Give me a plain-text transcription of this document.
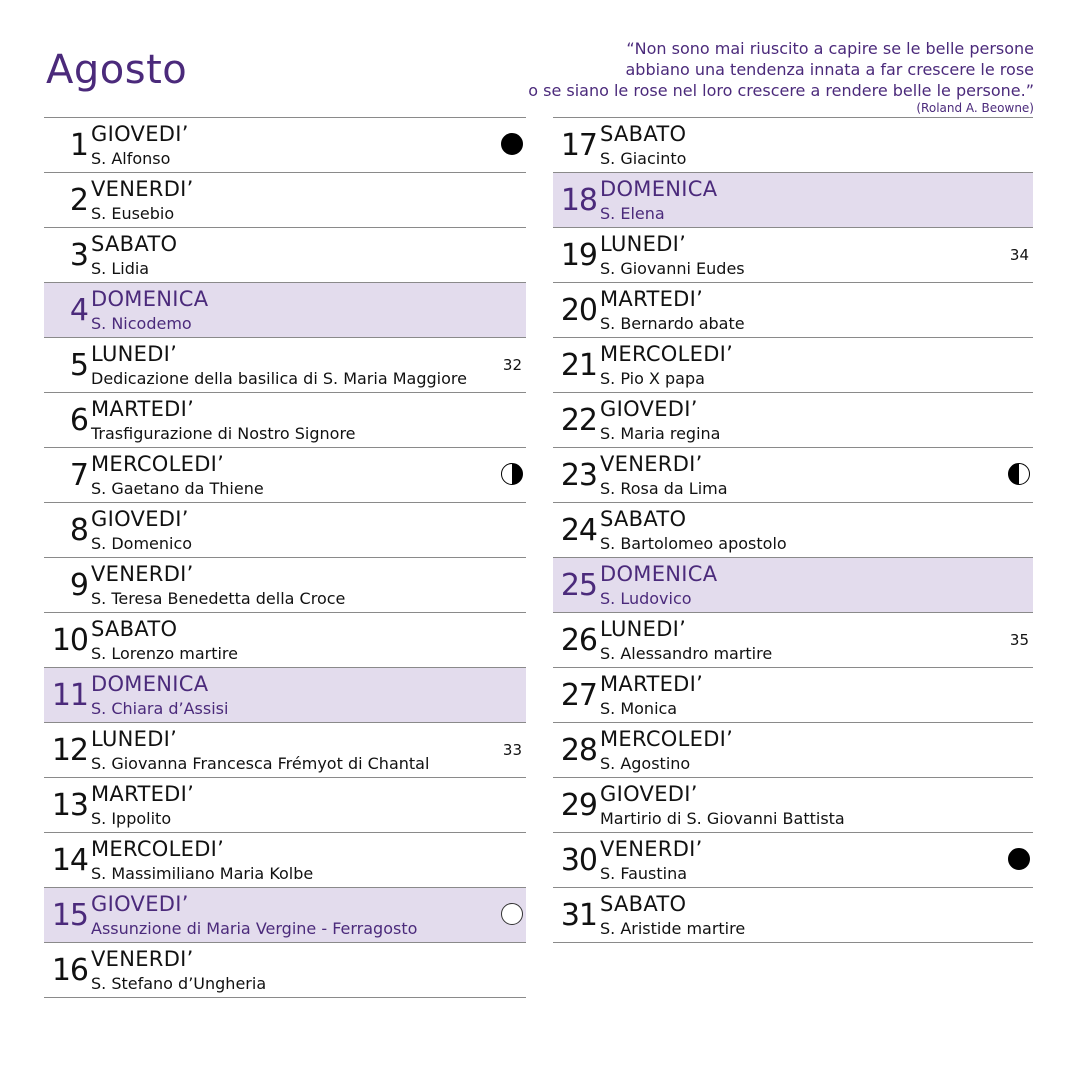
Agosto	“Non sono mai riuscito a capire se le belle persone
abbiano una tendenza innata a far crescere le rose
o se siano le rose nel loro crescere a rendere belle le persone.”
(Roland A. Beowne)
1 GIOVEDI’
S. Alfonso
2 VENERDI’
S. Eusebio
3 SABATO
S. Lidia
4 DOMENICA
S. Nicodemo
5 LUNEDI’
Dedicazione della basilica di S. Maria Maggiore
32
6 MARTEDI’
Trasfigurazione di Nostro Signore
7 MERCOLEDI’
S. Gaetano da Thiene
8 GIOVEDI’
S. Domenico
9 VENERDI’
S. Teresa Benedetta della Croce
10 SABATO
S. Lorenzo martire
11 DOMENICA
S. Chiara d’Assisi
12 LUNEDI’
S. Giovanna Francesca Frémyot di Chantal
33
13 MARTEDI’
S. Ippolito
14 MERCOLEDI’
S. Massimiliano Maria Kolbe
15 GIOVEDI’
Assunzione di Maria Vergine - Ferragosto
16 VENERDI’
S. Stefano d’Ungheria
17 SABATO
S. Giacinto
18 DOMENICA
S. Elena
19 LUNEDI’
S. Giovanni Eudes
34
20 MARTEDI’
S. Bernardo abate
21 MERCOLEDI’
S. Pio X papa
22 GIOVEDI’
S. Maria regina
23 VENERDI’
S. Rosa da Lima
24 SABATO
S. Bartolomeo apostolo
25 DOMENICA
S. Ludovico
26 LUNEDI’
S. Alessandro martire
35
27 MARTEDI’
S. Monica
28 MERCOLEDI’
S. Agostino
29 GIOVEDI’
Martirio di S. Giovanni Battista
30 VENERDI’
S. Faustina
31 SABATO
S. Aristide martire
